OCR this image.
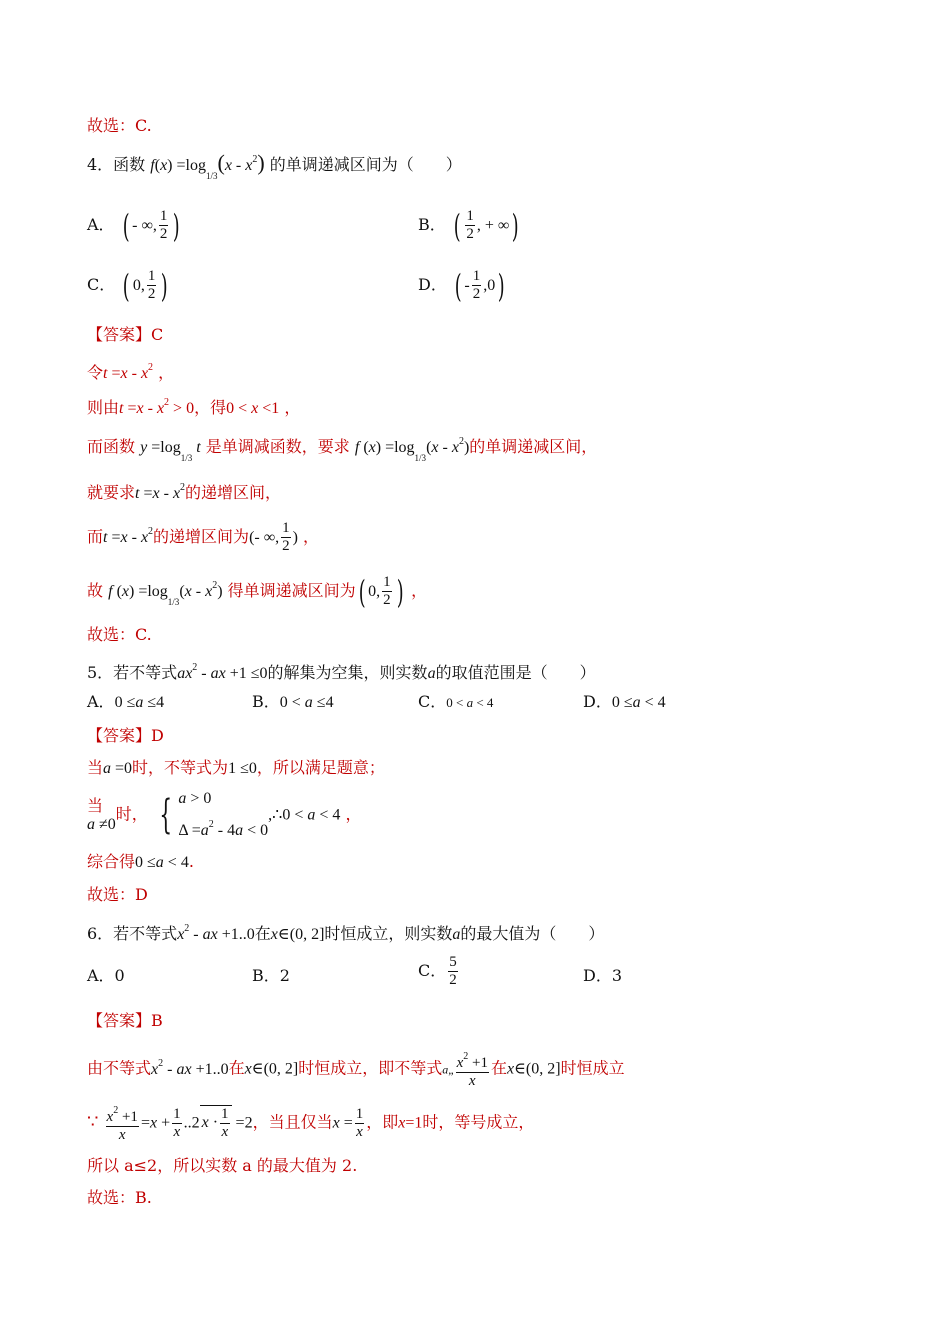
故选：C.
4．函数 $f(x) =\log_{1/3}(x - x^2)$ 的单调递减区间为（　　）
A． ( - ∞, $\frac{1}{2}$ )	B． ( $\frac{1}{2}$ , + ∞)
C． ( 0, $\frac{1}{2}$ )	D． ( - $\frac{1}{2} ,0$)
【答案】C
令$t =x - x^2$ ，
则由$t =x - x^2 > 0$，得0 < x <1 ，
而函数 $y =\log_{1/3}$ t 是单调减函数，要求 f $(x) =\log_{1/3}(x - x^2)$的单调递减区间，
就要求$t =x - x^2$的递增区间，
而$t =x - x^2$的递增区间为(- ∞, $\frac{1}{2}$ ) ，
故 f $(x) =\log_{1/3}(x - x^2)$ 得单调递减区间为( 0, $\frac{1}{2}$ ) ，
故选：C.
5．若不等式$ax^2$ - ax +1 ≤0的解集为空集，则实数a的取值范围是（　　）
A．0 ≤a ≤4	B．0 < a ≤4	C．0 < a < 4	D．0 ≤a < 4
【答案】D
当a =0时，不等式为1 ≤0，所以满足题意；
当
a ≠0时， { a > 0
$\Delta =a^2 - 4a$ < 0,∴0 < a < 4 ，
综合得0 ≤a < 4.
故选：D
6．若不等式$x^2$ - ax +1..0在x∈(0, 2]时恒成立，则实数a的最大值为（　　）
A．0	B．2	C． $\frac{5}{2}$	D．3
【答案】B
由不等式$x^2$ - ax +1..0在x∈(0, 2]时恒成立，即不等式a„ $\frac{x^2 +1}{x}$ 在x∈(0, 2]时恒成立
∵ $\frac{x^2 +1}{x} =x + \frac{1}{x} ..2$ $x \cdot \frac{1}{x} =2$，当且仅当$x = \frac{1}{x}$ ，即x=1时，等号成立，
所以 a≤2，所以实数 a 的最大值为 2.
故选：B.
